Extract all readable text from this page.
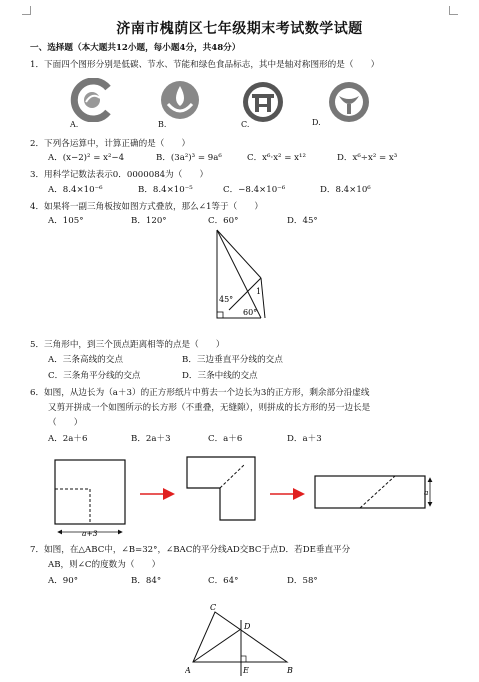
济南市槐荫区七年级期末考试数学试题
一、选择题（本大题共12小题，每小题4分，共48分）
1．下面四个图形分别是低碳、节水、节能和绿色食品标志，其中是轴对称图形的是（　　）
A.	B.	C.	D.
2．下列各运算中，计算正确的是（　　）
A．(x−2)² = x²−4	B．(3a²)³ = 9a⁶	C．x⁶·x² = x¹²	D．x⁶÷x² = x³
3．用科学记数法表示0．0000084为（　　）
A．8.4×10⁻⁶	B．8.4×10⁻⁵	C．−8.4×10⁻⁶	D．8.4×10⁶
4．如果将一副三角板按如图方式叠放，那么∠1等于（　　）
A．105°	B．120°	C．60°	D．45°
45°
60°
1
5．三角形中，到三个顶点距离相等的点是（　　）
A．三条高线的交点	B．三边垂直平分线的交点
C．三条角平分线的交点	D．三条中线的交点
6．如图，从边长为（a＋3）的正方形纸片中剪去一个边长为3的正方形，剩余部分沿虚线
又剪开拼成一个如图所示的长方形（不重叠，无缝隙），则拼成的长方形的另一边长是
（　　）
A．2a＋6	B．2a＋3	C．a＋6	D．a＋3
a+3
a
7．如图，在△ABC中，∠B=32°，∠BAC的平分线AD交BC于点D．若DE垂直平分
AB，则∠C的度数为（　　）
A．90°	B．84°	C．64°	D．58°
A	B
C
D
E
